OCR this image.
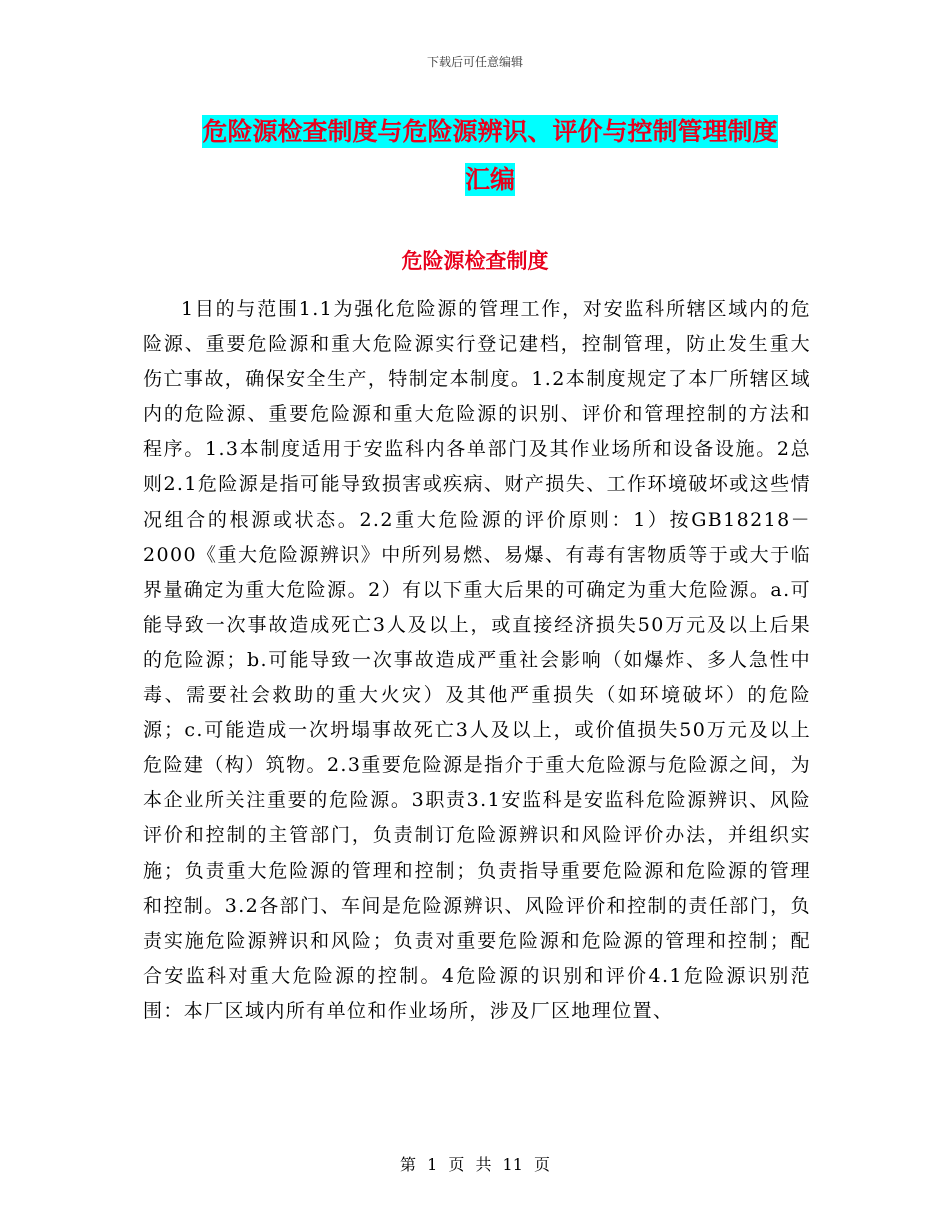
下载后可任意编辑
危险源检查制度与危险源辨识、评价与控制管理制度
汇编
危险源检查制度

1目的与范围1.1为强化危险源的管理工作，对安监科所辖区域内的危险源、重要危险源和重大危险源实行登记建档，控制管理，防止发生重大伤亡事故，确保安全生产，特制定本制度。1.2本制度规定了本厂所辖区域内的危险源、重要危险源和重大危险源的识别、评价和管理控制的方法和程序。1.3本制度适用于安监科内各单部门及其作业场所和设备设施。2总则2.1危险源是指可能导致损害或疾病、财产损失、工作环境破坏或这些情况组合的根源或状态。2.2重大危险源的评价原则：1）按GB18218－2000《重大危险源辨识》中所列易燃、易爆、有毒有害物质等于或大于临界量确定为重大危险源。2）有以下重大后果的可确定为重大危险源。a.可能导致一次事故造成死亡3人及以上，或直接经济损失50万元及以上后果的危险源；b.可能导致一次事故造成严重社会影响（如爆炸、多人急性中毒、需要社会救助的重大火灾）及其他严重损失（如环境破坏）的危险源；c.可能造成一次坍塌事故死亡3人及以上，或价值损失50万元及以上危险建（构）筑物。2.3重要危险源是指介于重大危险源与危险源之间，为本企业所关注重要的危险源。3职责3.1安监科是安监科危险源辨识、风险评价和控制的主管部门，负责制订危险源辨识和风险评价办法，并组织实施；负责重大危险源的管理和控制；负责指导重要危险源和危险源的管理和控制。3.2各部门、车间是危险源辨识、风险评价和控制的责任部门，负责实施危险源辨识和风险；负责对重要危险源和危险源的管理和控制；配合安监科对重大危险源的控制。4危险源的识别和评价4.1危险源识别范围：本厂区域内所有单位和作业场所，涉及厂区地理位置、

第 1 页 共 11 页
